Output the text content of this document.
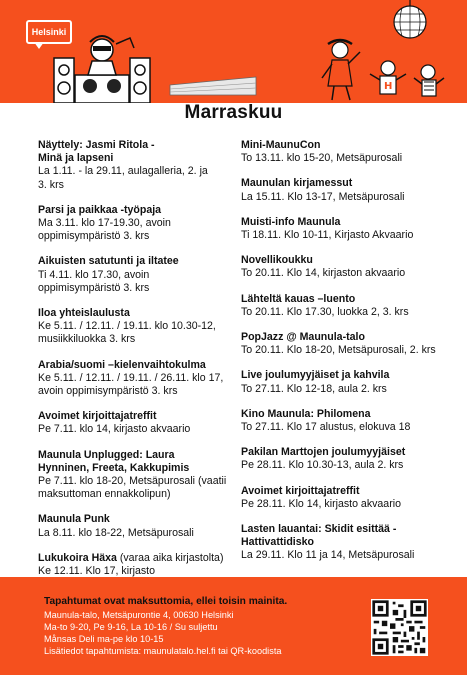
Helsinki
H
Marraskuu
Näyttely: Jasmi Ritola -
Minä ja lapseni
La 1.11. - la 29.11, aulagalleria, 2. ja
3. krs
Parsi ja paikkaa -työpaja
Ma 3.11. klo 17-19.30, avoin
oppimisympäristö 3. krs
Aikuisten satutunti ja iltatee
Ti 4.11. klo 17.30, avoin
oppimisympäristö 3. krs
Iloa yhteislaulusta
Ke 5.11. / 12.11. / 19.11. klo 10.30-12,
musiikkiluokka 3. krs
Arabia/suomi –kielenvaihtokulma
Ke 5.11. / 12.11. / 19.11. / 26.11. klo 17,
avoin oppimisympäristö 3. krs
Avoimet kirjoittajatreffit
Pe 7.11. klo 14, kirjasto akvaario
Maunula Unplugged: Laura
Hynninen, Freeta, Kakkupimis
Pe 7.11. klo 18-20, Metsäpurosali (vaatii
maksuttoman ennakkolipun)
Maunula Punk
La 8.11. klo 18-22, Metsäpurosali
Lukukoira Häxa (varaa aika kirjastolta)
Ke 12.11. Klo 17, kirjasto
Mini-MaunuCon
To 13.11. klo 15-20, Metsäpurosali
Maunulan kirjamessut
La 15.11. Klo 13-17, Metsäpurosali
Muisti-info Maunula
Ti 18.11. Klo 10-11, Kirjasto Akvaario
Novellikoukku
To 20.11. Klo 14, kirjaston akvaario
Lähteltä kauas –luento
To 20.11. Klo 17.30, luokka 2, 3. krs
PopJazz @ Maunula-talo
To 20.11. Klo 18-20, Metsäpurosali, 2. krs
Live joulumyyjäiset ja kahvila
To 27.11. Klo 12-18, aula 2. krs
Kino Maunula: Philomena
To 27.11. Klo 17 alustus, elokuva 18
Pakilan Marttojen joulumyyjäiset
Pe 28.11. Klo 10.30-13, aula 2. krs
Avoimet kirjoittajatreffit
Pe 28.11. Klo 14, kirjasto akvaario
Lasten lauantai: Skidit esittää -
Hattivattidisko
La 29.11. Klo 11 ja 14, Metsäpurosali
Tapahtumat ovat maksuttomia, ellei toisin mainita.
Maunula-talo, Metsäpurontie 4, 00630 Helsinki
Ma-to 9-20, Pe 9-16, La 10-16 / Su suljettu
Månsas Deli ma-pe klo 10-15
Lisätiedot tapahtumista: maunulatalo.hel.fi tai QR-koodista
